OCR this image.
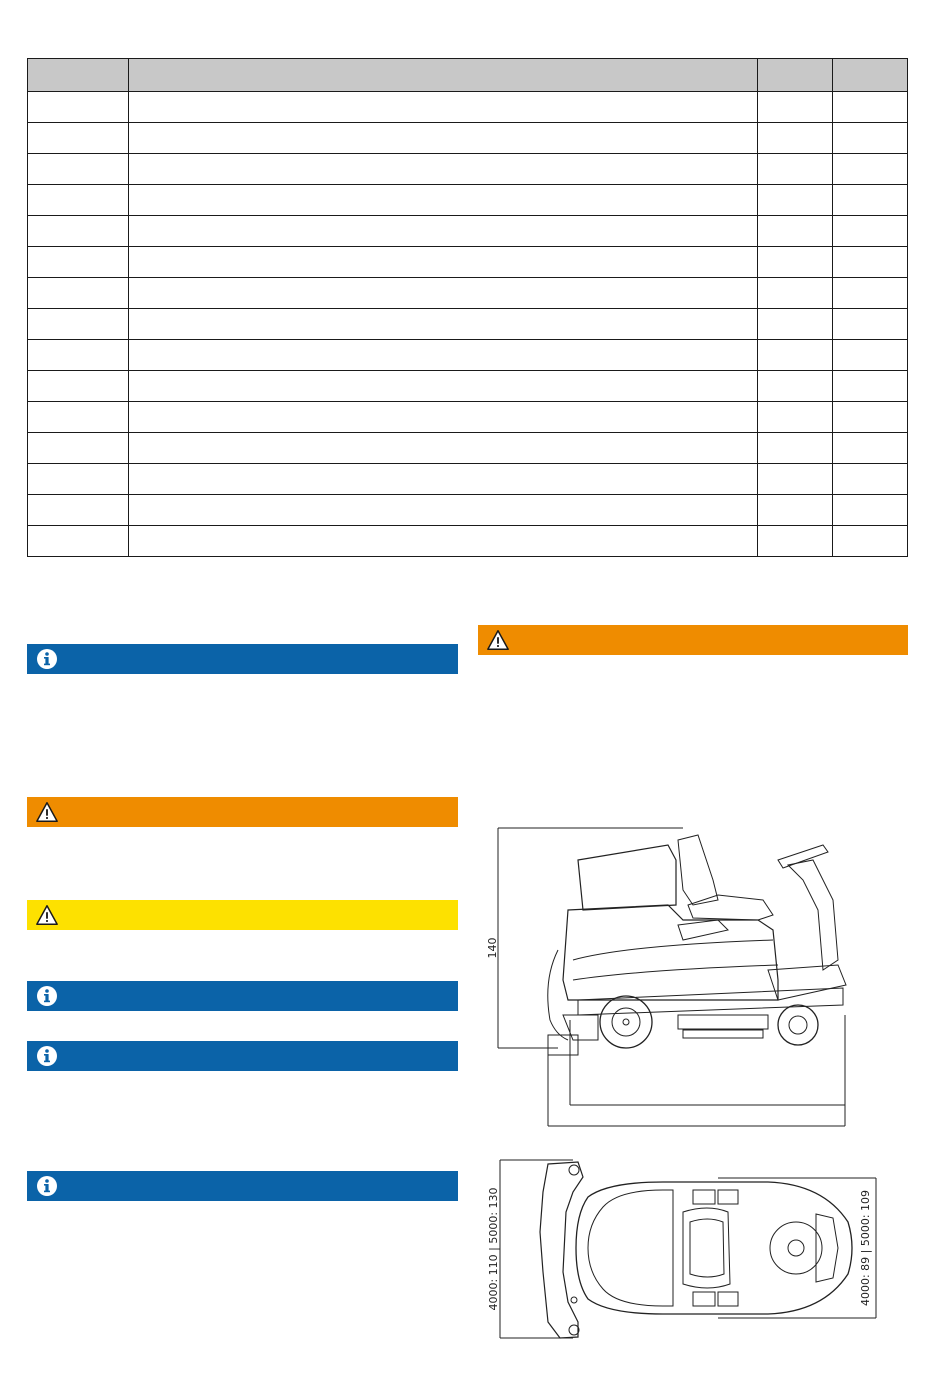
140
4000: 110 | 5000: 130	4000: 89 | 5000: 109
